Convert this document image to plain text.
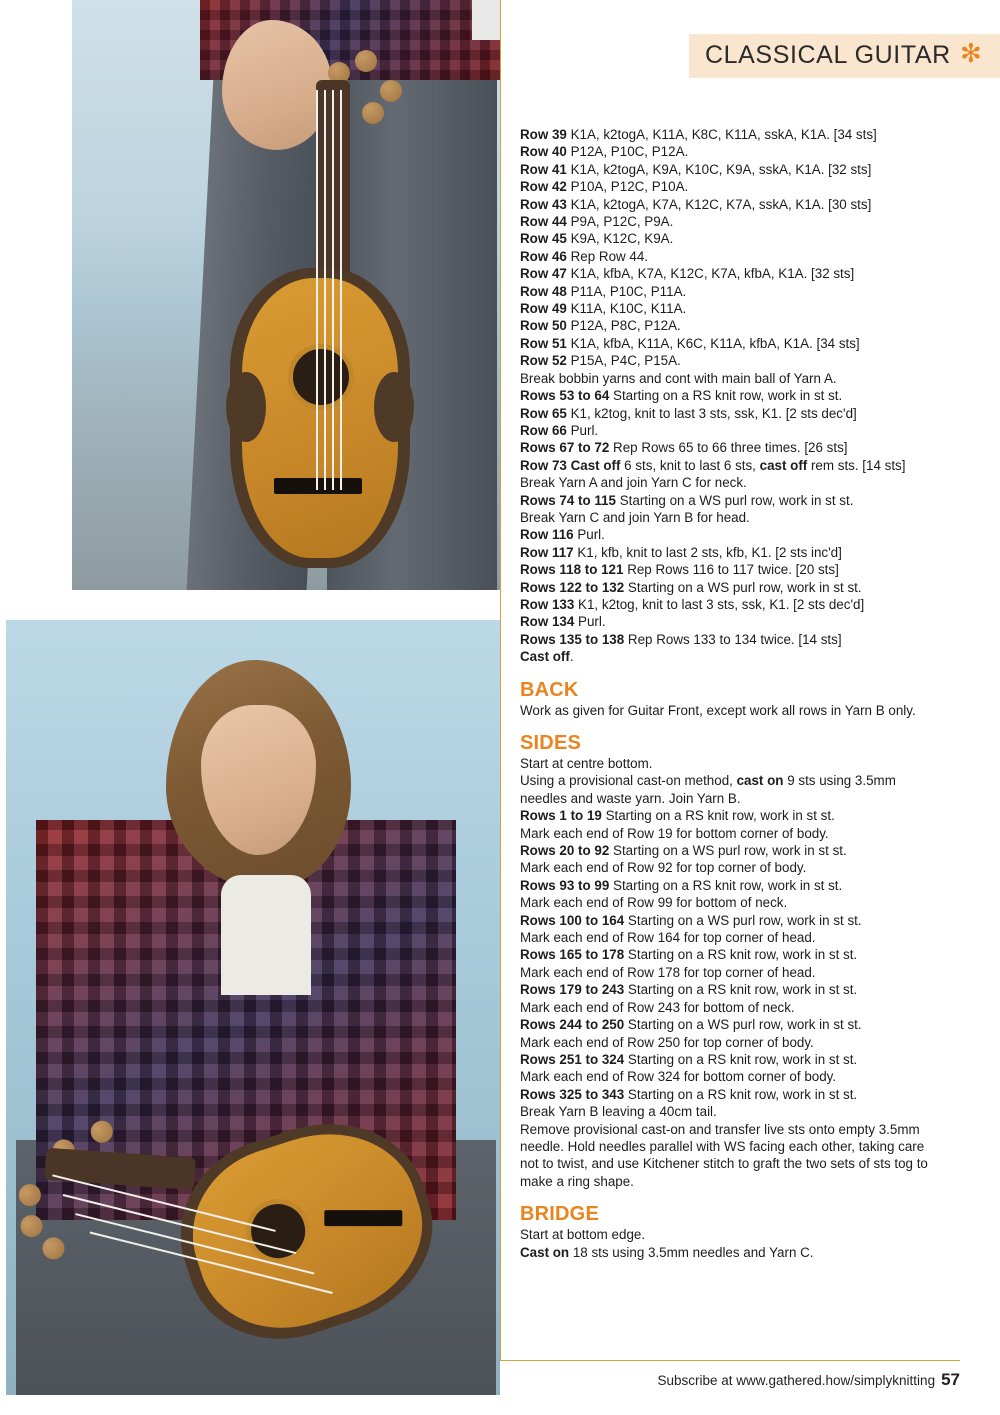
CLASSICAL GUITAR ✻

Row 39 K1A, k2togA, K11A, K8C, K11A, sskA, K1A. [34 sts]

Row 40 P12A, P10C, P12A.

Row 41 K1A, k2togA, K9A, K10C, K9A, sskA, K1A. [32 sts]

Row 42 P10A, P12C, P10A.

Row 43 K1A, k2togA, K7A, K12C, K7A, sskA, K1A. [30 sts]

Row 44 P9A, P12C, P9A.

Row 45 K9A, K12C, K9A.

Row 46 Rep Row 44.

Row 47 K1A, kfbA, K7A, K12C, K7A, kfbA, K1A. [32 sts]

Row 48 P11A, P10C, P11A.

Row 49 K11A, K10C, K11A.

Row 50 P12A, P8C, P12A.

Row 51 K1A, kfbA, K11A, K6C, K11A, kfbA, K1A. [34 sts]

Row 52 P15A, P4C, P15A.

Break bobbin yarns and cont with main ball of Yarn A.

Rows 53 to 64 Starting on a RS knit row, work in st st.

Row 65 K1, k2tog, knit to last 3 sts, ssk, K1. [2 sts dec'd]

Row 66 Purl.

Rows 67 to 72 Rep Rows 65 to 66 three times. [26 sts]

Row 73 Cast off 6 sts, knit to last 6 sts, cast off rem sts. [14 sts]

Break Yarn A and join Yarn C for neck.

Rows 74 to 115 Starting on a WS purl row, work in st st.

Break Yarn C and join Yarn B for head.

Row 116 Purl.

Row 117 K1, kfb, knit to last 2 sts, kfb, K1. [2 sts inc'd]

Rows 118 to 121 Rep Rows 116 to 117 twice. [20 sts]

Rows 122 to 132 Starting on a WS purl row, work in st st.

Row 133 K1, k2tog, knit to last 3 sts, ssk, K1. [2 sts dec'd]

Row 134 Purl.

Rows 135 to 138 Rep Rows 133 to 134 twice. [14 sts]

Cast off.

BACK

Work as given for Guitar Front, except work all rows in Yarn B only.

SIDES

Start at centre bottom.

Using a provisional cast-on method, cast on 9 sts using 3.5mm needles and waste yarn. Join Yarn B.

Rows 1 to 19 Starting on a RS knit row, work in st st.

Mark each end of Row 19 for bottom corner of body.

Rows 20 to 92 Starting on a WS purl row, work in st st.

Mark each end of Row 92 for top corner of body.

Rows 93 to 99 Starting on a RS knit row, work in st st.

Mark each end of Row 99 for bottom of neck.

Rows 100 to 164 Starting on a WS purl row, work in st st.

Mark each end of Row 164 for top corner of head.

Rows 165 to 178 Starting on a RS knit row, work in st st.

Mark each end of Row 178 for top corner of head.

Rows 179 to 243 Starting on a RS knit row, work in st st.

Mark each end of Row 243 for bottom of neck.

Rows 244 to 250 Starting on a WS purl row, work in st st.

Mark each end of Row 250 for top corner of body.

Rows 251 to 324 Starting on a RS knit row, work in st st.

Mark each end of Row 324 for bottom corner of body.

Rows 325 to 343 Starting on a RS knit row, work in st st.

Break Yarn B leaving a 40cm tail.

Remove provisional cast-on and transfer live sts onto empty 3.5mm needle. Hold needles parallel with WS facing each other, taking care not to twist, and use Kitchener stitch to graft the two sets of sts tog to make a ring shape.

BRIDGE

Start at bottom edge.

Cast on 18 sts using 3.5mm needles and Yarn C.

Subscribe at www.gathered.how/simplyknitting 57
